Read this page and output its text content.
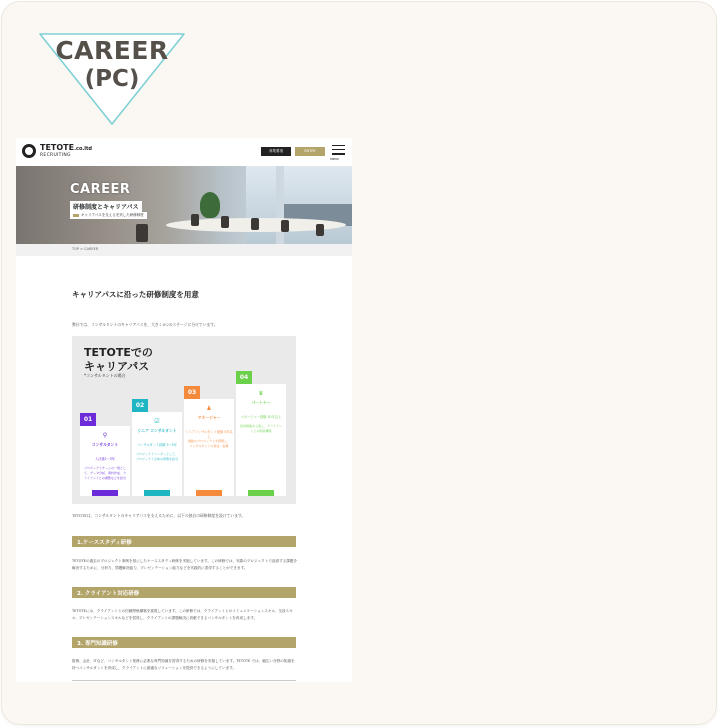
CAREER
(PC)
TETOTE.co.ltd
RECRUITING
募集要項	ENTRY
MENU
CAREER
研修制度とキャリアパス
キャリアパスを支える充実した研修制度
TOP > CAREER
キャリアパスに沿った研修制度を用意
弊社では、コンサルタントのキャリアパスを、大きく4つのステージに分けています。
TETOTEでの
キャリアパス
*コンサルタントの場合
01
⚲
コンサルタント
入社後2〜3年
プロジェクトチームの一員として、データ分析、資料作成、クライアントとの調整などを担当
02
☑
シニア コンサルタント
コンサルタント経験 3〜5年
プロジェクトリーダーとして、プロジェクト全体の管理を担当
03
♟
マネージャー
シニアコンサルタント経験 5年以上
複数のプロジェクトを管理し、コンサルタントの育成・指導
04
♛
パートナー
マネージャー経験 10年以上
経営戦略を立案し、クライアントとの関係構築
TETOTEは、コンサルタントのキャリアパスを支えるために、以下の独自の研修制度を設けています。
1.ケーススタディ研修
TETOTEの過去のプロジェクト事例を基にしたケーススタディ研修を実施しています。この研修では、実際のプロジェクトで直面する課題を解決するために、分析力、問題解決能力、プレゼンテーション能力などを実践的に習得することができます。
2. クライアント対応研修
TETOTEには、クライアントとの信頼関係構築を重視しています。この研修では、クライアントとのコミュニケーションスキル、交渉スキル、プレゼンテーションスキルなどを習得し、クライアントの課題解決に貢献できるコンサルタントを育成します。
3. 専門知識研修
財務、会計、ITなど、コンサルタント業務に必要な専門知識を習得するための研修を実施しています。TETOTE では、幅広い分野の知識を持つコンサルタントを育成し、クライアントに最適なソリューションを提供できるようにしています。
